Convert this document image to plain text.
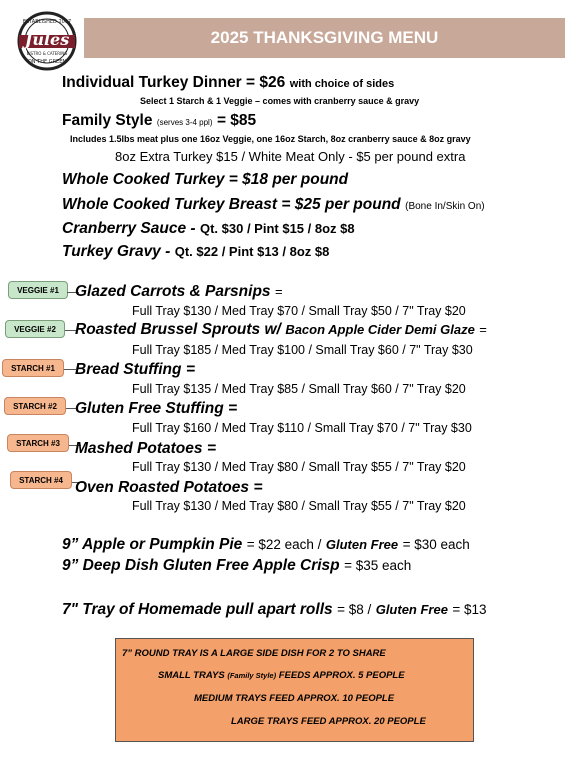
Jules
ESTABLISHED 2017
BISTRO & CATERING
ON THE GREEN
2025 THANKSGIVING MENU
Individual Turkey Dinner = $26 with choice of sides
Select 1 Starch & 1 Veggie – comes with cranberry sauce & gravy
Family Style (serves 3-4 ppl) = $85
Includes 1.5lbs meat plus one 16oz Veggie, one 16oz Starch, 8oz cranberry sauce & 8oz gravy
8oz Extra Turkey $15 / White Meat Only - $5 per pound extra
Whole Cooked Turkey = $18 per pound
Whole Cooked Turkey Breast = $25 per pound (Bone In/Skin On)
Cranberry Sauce - Qt. $30 / Pint $15 / 8oz $8
Turkey Gravy - Qt. $22 / Pint $13 / 8oz $8
VEGGIE #1	Glazed Carrots & Parsnips =
Full Tray $130 / Med Tray $70 / Small Tray $50 / 7" Tray $20
VEGGIE #2	Roasted Brussel Sprouts w/ Bacon Apple Cider Demi Glaze =
Full Tray $185 / Med Tray $100 / Small Tray $60 / 7" Tray $30
STARCH #1	Bread Stuffing =
Full Tray $135 / Med Tray $85 / Small Tray $60 / 7" Tray $20
STARCH #2	Gluten Free Stuffing =
Full Tray $160 / Med Tray $110 / Small Tray $70 / 7" Tray $30
STARCH #3 Mashed Potatoes =
Full Tray $130 / Med Tray $80 / Small Tray $55 / 7" Tray $20
STARCH #4 Oven Roasted Potatoes =
Full Tray $130 / Med Tray $80 / Small Tray $55 / 7" Tray $20
9” Apple or Pumpkin Pie = $22 each / Gluten Free = $30 each
9” Deep Dish Gluten Free Apple Crisp = $35 each
7" Tray of Homemade pull apart rolls = $8 / Gluten Free = $13
7” ROUND TRAY IS A LARGE SIDE DISH FOR 2 TO SHARE
SMALL TRAYS (Family Style) FEEDS APPROX. 5 PEOPLE
MEDIUM TRAYS FEED APPROX. 10 PEOPLE
LARGE TRAYS FEED APPROX. 20 PEOPLE
